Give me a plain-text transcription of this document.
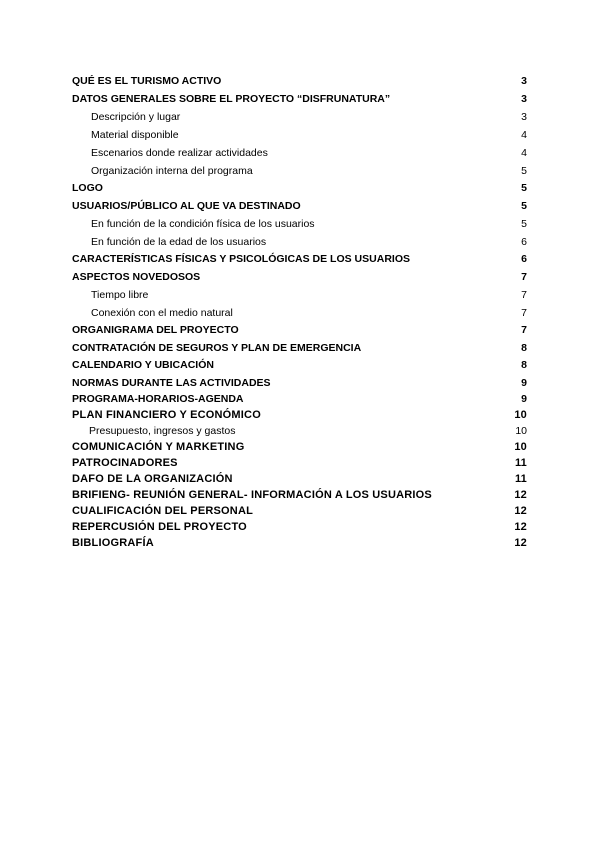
QUÉ ES EL TURISMO ACTIVO	3
DATOS GENERALES SOBRE EL PROYECTO “DISFRUNATURA”	3
Descripción y lugar	3
Material disponible	4
Escenarios donde realizar actividades	4
Organización interna del programa	5
LOGO	5
USUARIOS/PÚBLICO AL QUE VA DESTINADO	5
En función de la condición física de los usuarios	5
En función de la edad de los usuarios	6
CARACTERÍSTICAS FÍSICAS Y PSICOLÓGICAS DE LOS USUARIOS	6
ASPECTOS NOVEDOSOS	7
Tiempo libre	7
Conexión con el medio natural	7
ORGANIGRAMA DEL PROYECTO	7
CONTRATACIÓN DE SEGUROS Y PLAN DE EMERGENCIA	8
CALENDARIO Y UBICACIÓN	8
NORMAS DURANTE LAS ACTIVIDADES	9
PROGRAMA-HORARIOS-AGENDA	9
PLAN FINANCIERO Y ECONÓMICO	10
Presupuesto, ingresos y gastos	10
COMUNICACIÓN Y MARKETING	10
PATROCINADORES	11
DAFO DE LA ORGANIZACIÓN	11
BRIFIENG- REUNIÓN GENERAL- INFORMACIÓN A LOS USUARIOS	12
CUALIFICACIÓN DEL PERSONAL	12
REPERCUSIÓN DEL PROYECTO	12
BIBLIOGRAFÍA	12
